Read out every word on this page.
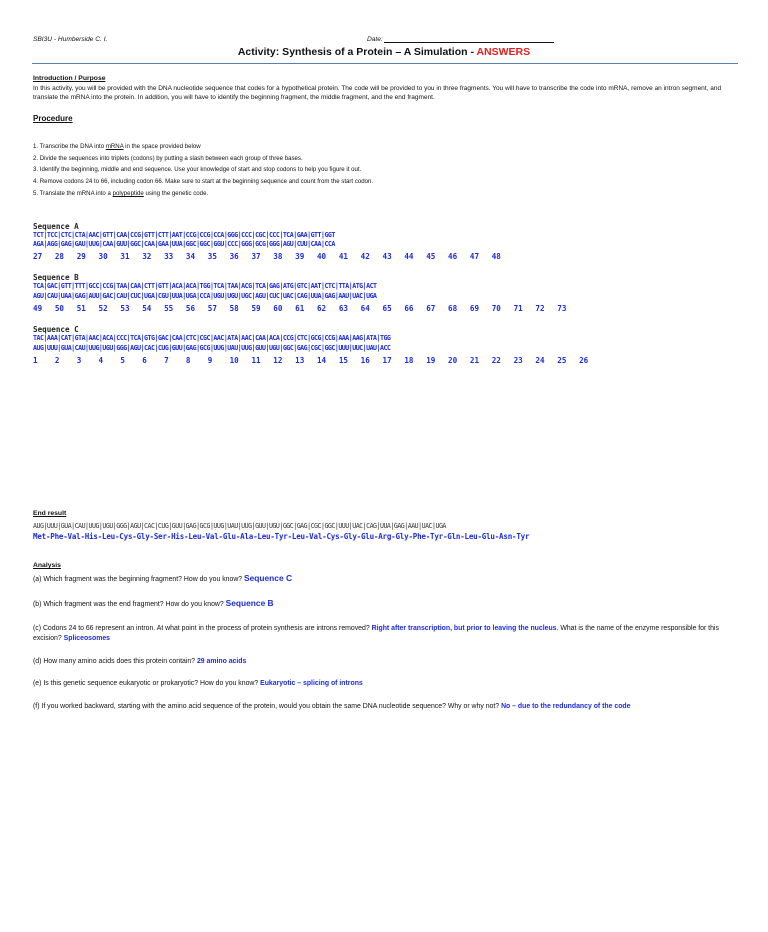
SBI3U - Humberside C. I.	Date:
Activity: Synthesis of a Protein – A Simulation - ANSWERS
Introduction / Purpose
In this activity, you will be provided with the DNA nucleotide sequence that codes for a hypothetical protein. The code will be provided to you in three fragments. You will have to transcribe the code into mRNA, remove an intron segment, and translate the mRNA into the protein. In addition, you will have to identify the beginning fragment, the middle fragment, and the end fragment.
Procedure
1. Transcribe the DNA into mRNA in the space provided below
2. Divide the sequences into triplets (codons) by putting a slash between each group of three bases.
3. Identify the beginning, middle and end sequence. Use your knowledge of start and stop codons to help you figure it out.
4. Remove codons 24 to 66, including codon 66. Make sure to start at the beginning sequence and count from the start codon.
5. Translate the mRNA into a polypeptide using the genetic code.
Sequence A
TCT|TCC|CTC|CTA|AAC|GTT|CAA|CCG|GTT|CTT|AAT|CCG|CCG|CCA|GGG|CCC|CGC|CCC|TCA|GAA|GTT|GGT
AGA|AGG|GAG|GAU|UUG|CAA|GUU|GGC|CAA|GAA|UUA|GGC|GGC|GGU|CCC|GGG|GCG|GGG|AGU|CUU|CAA|CCA
27 28 29 30 31 32 33 34 35 36 37 38 39 40 41 42 43 44 45 46 47 48
Sequence B
TCA|GAC|GTT|TTT|GCC|CCG|TAA|CAA|CTT|GTT|ACA|ACA|TGG|TCA|TAA|ACG|TCA|GAG|ATG|GTC|AAT|CTC|TTA|ATG|ACT
AGU|CAU|UAA|GAG|AUU|GAC|CAU|CUC|UGA|CGU|UUA|UGA|CCA|UGU|UGU|UGC|AGU|CUC|UAC|CAG|UUA|GAG|AAU|UAC|UGA
49 50 51 52 53 54 55 56 57 58 59 60 61 62 63 64 65 66 67 68 69 70 71 72 73
Sequence C
TAC|AAA|CAT|GTA|AAC|ACA|CCC|TCA|GTG|GAC|CAA|CTC|CGC|AAC|ATA|AAC|CAA|ACA|CCG|CTC|GCG|CCG|AAA|AAG|ATA|TGG
AUG|UUU|GUA|CAU|UUG|UGU|GGG|AGU|CAC|CUG|GUU|GAG|GCG|UUG|UAU|UUG|GUU|UGU|GGC|GAG|CGC|GGC|UUU|UUC|UAU|ACC
1 2 3 4 5 6 7 8 9 10 11 12 13 14 15 16 17 18 19 20 21 22 23 24 25 26
End result
AUG|UUU|GUA|CAU|UUG|UGU|GGG|AGU|CAC|CUG|GUU|GAG|GCG|UUG|UAU|UUG|GUU|UGU|GGC|GAG|CGC|GGC|UUU|UAC|CAG|UUA|GAG|AAU|UAC|UGA
Met-Phe-Val-His-Leu-Cys-Gly-Ser-His-Leu-Val-Glu-Ala-Leu-Tyr-Leu-Val-Cys-Gly-Glu-Arg-Gly-Phe-Tyr-Gln-Leu-Glu-Asn-Tyr
Analysis
(a) Which fragment was the beginning fragment? How do you know? Sequence C
(b) Which fragment was the end fragment? How do you know? Sequence B
(c) Codons 24 to 66 represent an intron. At what point in the process of protein synthesis are introns removed? Right after transcription, but prior to leaving the nucleus. What is the name of the enzyme responsible for this excision? Spliceosomes
(d) How many amino acids does this protein contain? 29 amino acids
(e) Is this genetic sequence eukaryotic or prokaryotic? How do you know? Eukaryotic – splicing of introns
(f) If you worked backward, starting with the amino acid sequence of the protein, would you obtain the same DNA nucleotide sequence? Why or why not? No – due to the redundancy of the code
